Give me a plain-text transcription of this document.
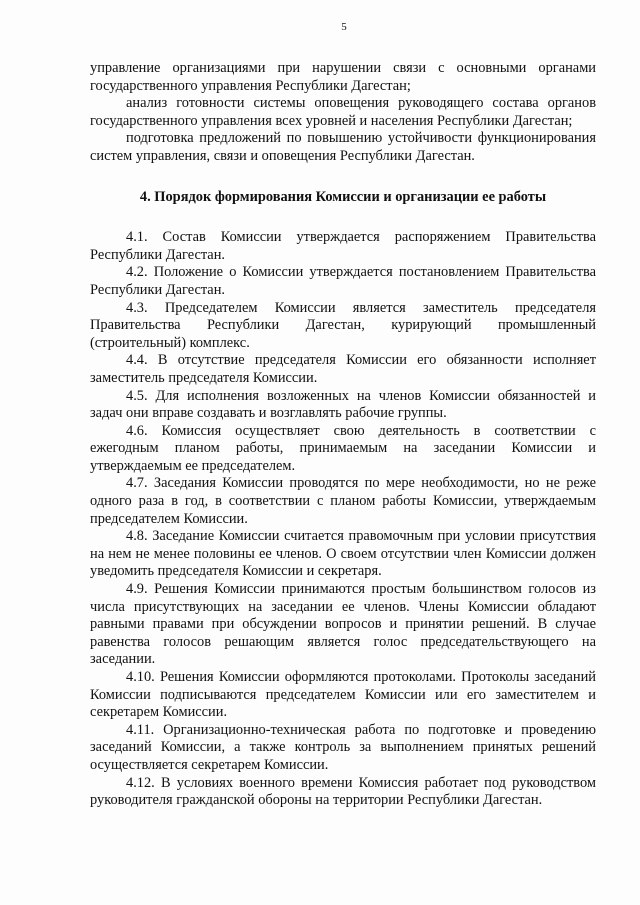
5

управление организациями при нарушении связи с основными органами государственного управления Республики Дагестан;

анализ готовности системы оповещения руководящего состава органов государственного управления всех уровней и населения Республики Дагестан;

подготовка предложений по повышению устойчивости функционирования систем управления, связи и оповещения Республики Дагестан.

4. Порядок формирования Комиссии и организации ее работы

4.1. Состав Комиссии утверждается распоряжением Правительства Республики Дагестан.

4.2. Положение о Комиссии утверждается постановлением Правительства Республики Дагестан.

4.3. Председателем Комиссии является заместитель председателя Правительства Республики Дагестан, курирующий промышленный (строительный) комплекс.

4.4. В отсутствие председателя Комиссии его обязанности исполняет заместитель председателя Комиссии.

4.5. Для исполнения возложенных на членов Комиссии обязанностей и задач они вправе создавать и возглавлять рабочие группы.

4.6. Комиссия осуществляет свою деятельность в соответствии с ежегодным планом работы, принимаемым на заседании Комиссии и утверждаемым ее председателем.

4.7. Заседания Комиссии проводятся по мере необходимости, но не реже одного раза в год, в соответствии с планом работы Комиссии, утверждаемым председателем Комиссии.

4.8. Заседание Комиссии считается правомочным при условии присутствия на нем не менее половины ее членов. О своем отсутствии член Комиссии должен уведомить председателя Комиссии и секретаря.

4.9. Решения Комиссии принимаются простым большинством голосов из числа присутствующих на заседании ее членов. Члены Комиссии обладают равными правами при обсуждении вопросов и принятии решений. В случае равенства голосов решающим является голос председательствующего на заседании.

4.10. Решения Комиссии оформляются протоколами. Протоколы заседаний Комиссии подписываются председателем Комиссии или его заместителем и секретарем Комиссии.

4.11. Организационно-техническая работа по подготовке и проведению заседаний Комиссии, а также контроль за выполнением принятых решений осуществляется секретарем Комиссии.

4.12. В условиях военного времени Комиссия работает под руководством руководителя гражданской обороны на территории Республики Дагестан.
